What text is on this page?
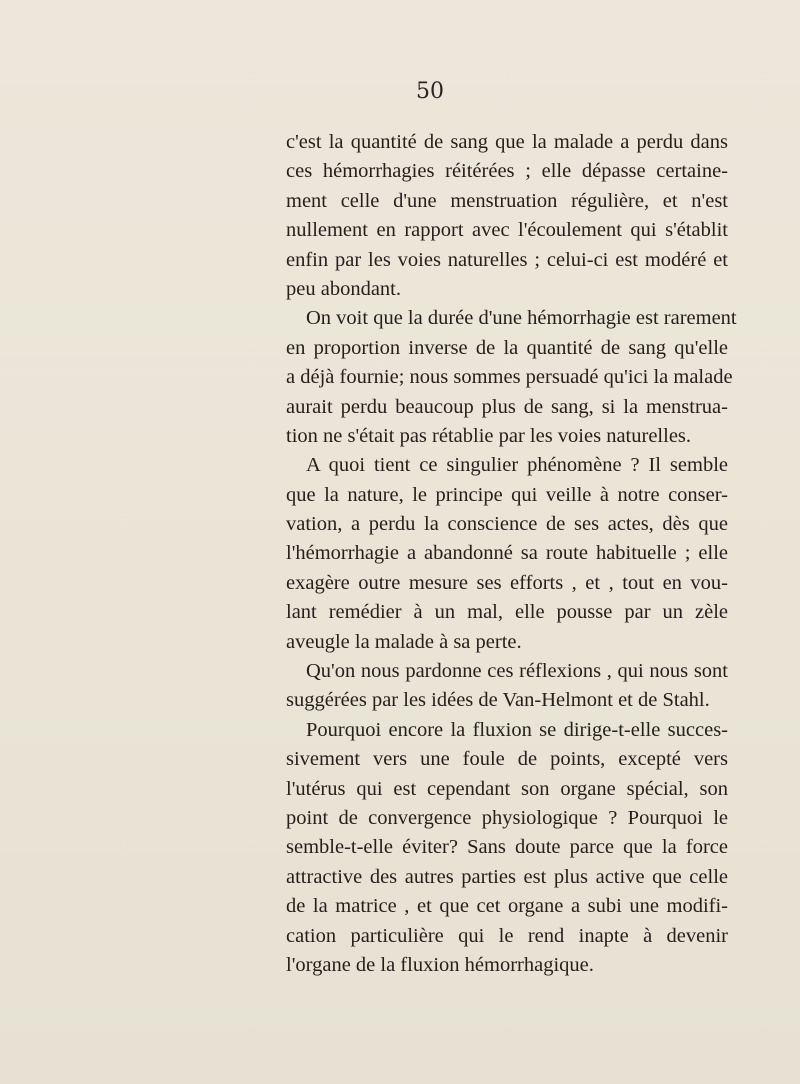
50
c'est la quantité de sang que la malade a perdu dans
ces hémorrhagies réitérées ; elle dépasse certaine-
ment celle d'une menstruation régulière, et n'est
nullement en rapport avec l'écoulement qui s'établit
enfin par les voies naturelles ; celui-ci est modéré et
peu abondant.
On voit que la durée d'une hémorrhagie est rarement
en proportion inverse de la quantité de sang qu'elle
a déjà fournie; nous sommes persuadé qu'ici la malade
aurait perdu beaucoup plus de sang, si la menstrua-
tion ne s'était pas rétablie par les voies naturelles.
A quoi tient ce singulier phénomène ? Il semble
que la nature, le principe qui veille à notre conser-
vation, a perdu la conscience de ses actes, dès que
l'hémorrhagie a abandonné sa route habituelle ; elle
exagère outre mesure ses efforts , et , tout en vou-
lant remédier à un mal, elle pousse par un zèle
aveugle la malade à sa perte.
Qu'on nous pardonne ces réflexions , qui nous sont
suggérées par les idées de Van-Helmont et de Stahl.
Pourquoi encore la fluxion se dirige-t-elle succes-
sivement vers une foule de points, excepté vers
l'utérus qui est cependant son organe spécial, son
point de convergence physiologique ? Pourquoi le
semble-t-elle éviter? Sans doute parce que la force
attractive des autres parties est plus active que celle
de la matrice , et que cet organe a subi une modifi-
cation particulière qui le rend inapte à devenir
l'organe de la fluxion hémorrhagique.
